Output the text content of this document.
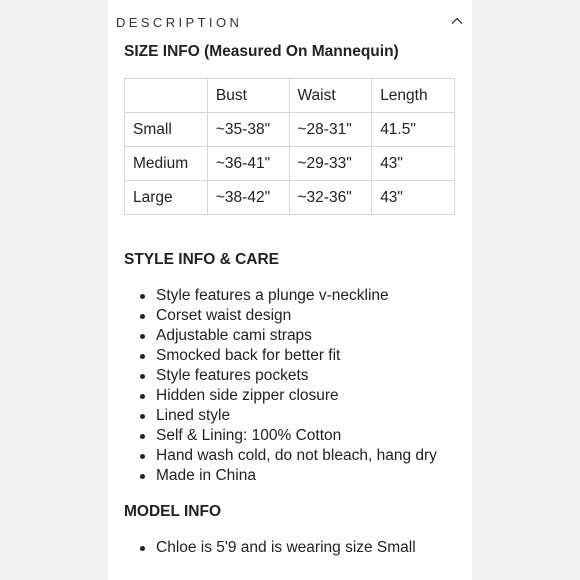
DESCRIPTION
SIZE INFO (Measured On Mannequin)
	Bust	Waist	Length
Small	~35-38"	~28-31"	41.5"
Medium	~36-41"	~29-33"	43"
Large	~38-42"	~32-36"	43"
STYLE INFO & CARE
Style features a plunge v-neckline
Corset waist design
Adjustable cami straps
Smocked back for better fit
Style features pockets
Hidden side zipper closure
Lined style
Self & Lining: 100% Cotton
Hand wash cold, do not bleach, hang dry
Made in China
MODEL INFO
Chloe is 5'9 and is wearing size Small
